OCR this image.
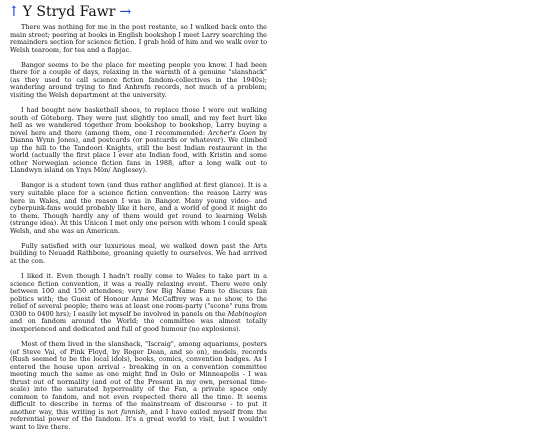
↑ Y Stryd Fawr →

There was nothing for me in the post restante, so I walked back onto the main street; peering at books in English bookshop I meet Larry searching the remainders section for science fiction. I grab hold of him and we walk over to Welsh tearoom, for tea and a flapjac.

Bangor seems to be the place for meeting people you know. I had been there for a couple of days, relaxing in the warmth of a genuine "slanshack" (as they used to call science fiction fandom-collectives in the 1940s); wandering around trying to find Anhrefn records, not much of a problem; visiting the Welsh department at the university.

I had bought new basketball shoes, to replace those I wore out walking south of Göteborg. They were just slightly too small, and my feet hurt like hell as we wandered together from bookshop to bookshop, Larry buying a novel here and there (among them, one I recommended: Archer's Goon by Dianna Wynn Jones), and postcards (or postcards or whatever). We climbed up the hill to the Tandoori Knights, still the best Indian restaurant in the world (actually the first place I ever ate Indian food, with Kristin and some other Norwegian science fiction fans in 1988, after a long walk out to Llandwyn island on Ynys Môn/ Anglesey).

Bangor is a student town (and thus rather anglified at first glance). It is a very suitable place for a science fiction convention: the reason Larry was here in Wales, and the reason I was in Bangor. Many young video- and cyberpunk-fans would probably like it here, and a world of good it might do to them. Though hardly any of them would get round to learning Welsh (strange idea). At this Unicon I met only one person with whom I could speak Welsh, and she was an American.

Fully satisfied with our luxurious meal, we walked down past the Arts building to Neuadd Rathbone, groaning quietly to ourselves. We had arrived at the con.

I liked it. Even though I hadn't really come to Wales to take part in a science fiction convention, it was a really relaxing event. There were only between 100 and 150 attendees; very few Big Name Fans to discuss fan politics with; the Guest of Honour Anne McCaffrey was a no show, to the relief of several people; there was at least one room-party ("scone" runs from 0300 to 0400 hrs); I easily let myself be involved in panels on the Mabinogion and on fandom around the World; the committee was almost totally inexperienced and dedicated and full of good humour (no explosions).

Most of them lived in the slanshack, "Iscraig", among aquariums, posters (of Steve Vai, of Pink Floyd, by Roger Dean, and so on), models, records (Rush seemed to be the local idols), books, comics, convention badges. As I entered the house upon arrival - breaking in on a convention committee meeting much the same as one might find in Oslo or Minneapolis - I was thrust out of normality (and out of the Present in my own, personal time-scale) into the saturated hyperreality of the Fan, a private space only common to fandom, and not even respected there all the time. It seems difficult to describe in terms of the mainstream of discourse - to put it another way, this writing is not fannish, and I have exiled myself from the referential power of the fandom. It's a great world to visit, but I wouldn't want to live there.
